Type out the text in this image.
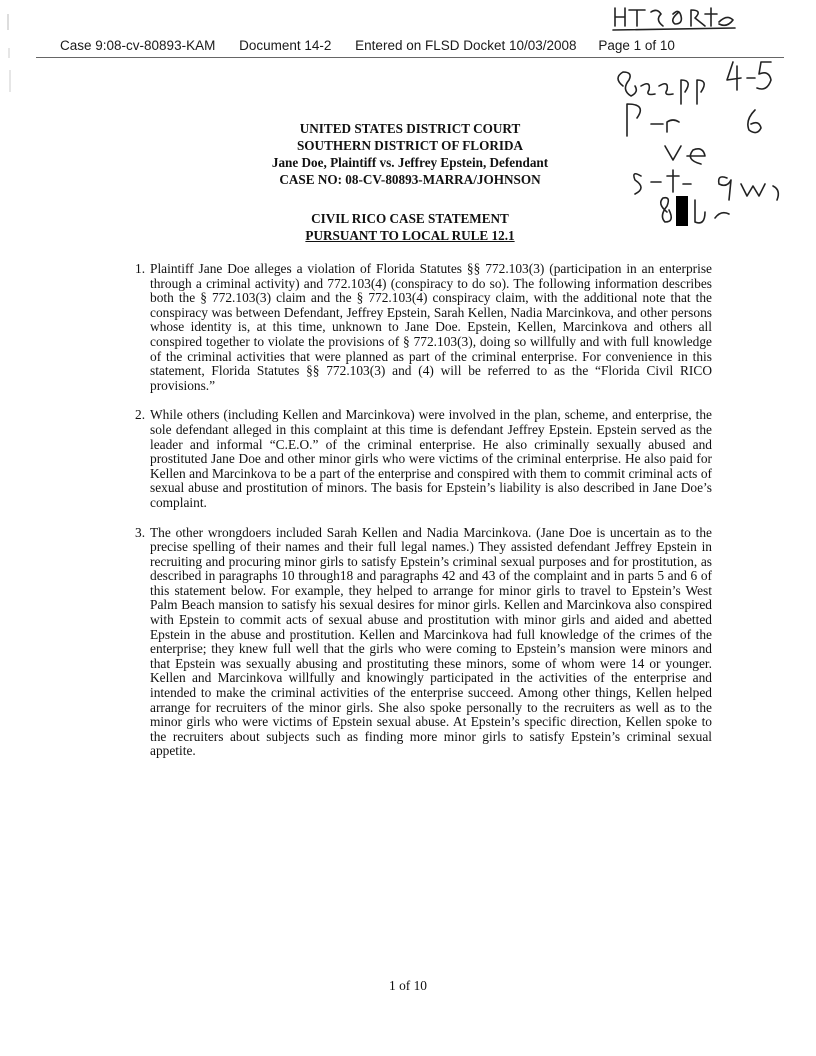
Case 9:08-cv-80893-KAM Document 14-2 Entered on FLSD Docket 10/03/2008 Page 1 of 10
UNITED STATES DISTRICT COURT
SOUTHERN DISTRICT OF FLORIDA
Jane Doe, Plaintiff vs. Jeffrey Epstein, Defendant
CASE NO: 08-CV-80893-MARRA/JOHNSON
CIVIL RICO CASE STATEMENT
PURSUANT TO LOCAL RULE 12.1
1. Plaintiff Jane Doe alleges a violation of Florida Statutes §§ 772.103(3) (participation in an enterprise through a criminal activity) and 772.103(4) (conspiracy to do so). The following information describes both the § 772.103(3) claim and the § 772.103(4) conspiracy claim, with the additional note that the conspiracy was between Defendant, Jeffrey Epstein, Sarah Kellen, Nadia Marcinkova, and other persons whose identity is, at this time, unknown to Jane Doe. Epstein, Kellen, Marcinkova and others all conspired together to violate the provisions of § 772.103(3), doing so willfully and with full knowledge of the criminal activities that were planned as part of the criminal enterprise. For convenience in this statement, Florida Statutes §§ 772.103(3) and (4) will be referred to as the “Florida Civil RICO provisions.”
2. While others (including Kellen and Marcinkova) were involved in the plan, scheme, and enterprise, the sole defendant alleged in this complaint at this time is defendant Jeffrey Epstein. Epstein served as the leader and informal “C.E.O.” of the criminal enterprise. He also criminally sexually abused and prostituted Jane Doe and other minor girls who were victims of the criminal enterprise. He also paid for Kellen and Marcinkova to be a part of the enterprise and conspired with them to commit criminal acts of sexual abuse and prostitution of minors. The basis for Epstein’s liability is also described in Jane Doe’s complaint.
3. The other wrongdoers included Sarah Kellen and Nadia Marcinkova. (Jane Doe is uncertain as to the precise spelling of their names and their full legal names.) They assisted defendant Jeffrey Epstein in recruiting and procuring minor girls to satisfy Epstein’s criminal sexual purposes and for prostitution, as described in paragraphs 10 through18 and paragraphs 42 and 43 of the complaint and in parts 5 and 6 of this statement below. For example, they helped to arrange for minor girls to travel to Epstein’s West Palm Beach mansion to satisfy his sexual desires for minor girls. Kellen and Marcinkova also conspired with Epstein to commit acts of sexual abuse and prostitution with minor girls and aided and abetted Epstein in the abuse and prostitution. Kellen and Marcinkova had full knowledge of the crimes of the enterprise; they knew full well that the girls who were coming to Epstein’s mansion were minors and that Epstein was sexually abusing and prostituting these minors, some of whom were 14 or younger. Kellen and Marcinkova willfully and knowingly participated in the activities of the enterprise and intended to make the criminal activities of the enterprise succeed. Among other things, Kellen helped arrange for recruiters of the minor girls. She also spoke personally to the recruiters as well as to the minor girls who were victims of Epstein sexual abuse. At Epstein’s specific direction, Kellen spoke to the recruiters about subjects such as finding more minor girls to satisfy Epstein’s criminal sexual appetite.
1 of 10
